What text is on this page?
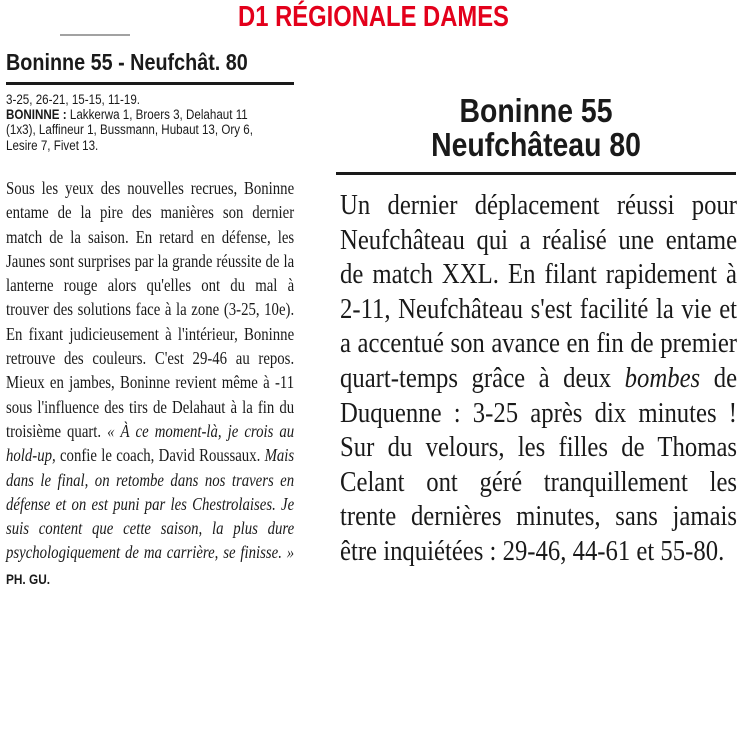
D1 RÉGIONALE DAMES
Boninne 55 - Neufchât. 80
3-25, 26-21, 15-15, 11-19.
BONINNE : Lakkerwa 1, Broers 3, Delahaut 11
(1x3), Laffineur 1, Bussmann, Hubaut 13, Ory 6,
Lesire 7, Fivet 13.
Sous les yeux des nouvelles recrues, Boninne entame de la pire des manières son dernier match de la saison. En retard en défense, les Jaunes sont surprises par la grande réussite de la lanterne rouge alors qu'elles ont du mal à trouver des solutions face à la zone (3-25, 10e). En fixant judicieusement à l'intérieur, Boninne retrouve des couleurs. C'est 29-46 au repos. Mieux en jambes, Boninne revient même à -11 sous l'influence des tirs de Delahaut à la fin du troisième quart. « À ce moment-là, je crois au hold-up, confie le coach, David Roussaux. Mais dans le final, on retombe dans nos travers en défense et on est puni par les Chestrolaises. Je suis content que cette saison, la plus dure psychologiquement de ma carrière, se finisse. » PH. GU.
Boninne 55
Neufchâteau 80
Un dernier déplacement réussi pour Neufchâteau qui a réalisé une entame de match XXL. En filant rapidement à 2-11, Neufchâteau s'est facilité la vie et a accentué son avance en fin de premier quart-temps grâce à deux bombes de Duquenne : 3-25 après dix minutes ! Sur du velours, les filles de Thomas Celant ont géré tranquillement les trente dernières minutes, sans jamais être inquiétées : 29-46, 44-61 et 55-80.
